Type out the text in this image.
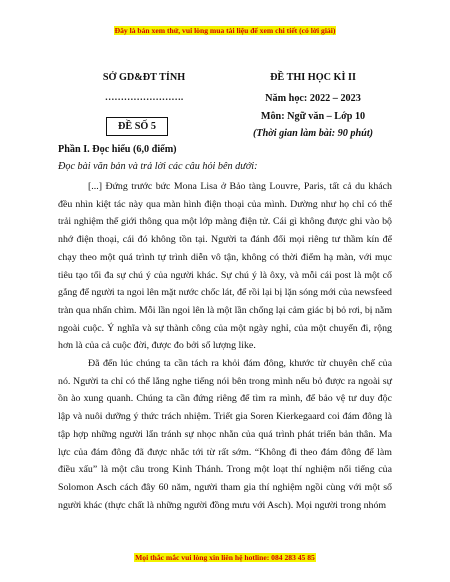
Đây là bản xem thử, vui lòng mua tài liệu để xem chi tiết (có lời giải)
SỞ GD&ĐT TỈNH
…………………….
ĐỀ SỐ 5
ĐỀ THI HỌC KÌ II
Năm học: 2022 – 2023
Môn: Ngữ văn – Lớp 10
(Thời gian làm bài: 90 phút)
Phần I. Đọc hiểu (6,0 điểm)
Đọc bài văn bản và trả lời các câu hỏi bên dưới:

[...] Đứng trước bức Mona Lisa ở Bảo tàng Louvre, Paris, tất cả du khách đều nhìn kiệt tác này qua màn hình điện thoại của mình. Dường như họ chỉ có thể trải nghiệm thế giới thông qua một lớp màng điện tử. Cái gì không được ghi vào bộ nhớ điện thoại, cái đó không tồn tại. Người ta đánh đổi mọi riêng tư thầm kín để chạy theo một quá trình tự trình diễn vô tận, không có thời điểm hạ màn, với mục tiêu tạo tối đa sự chú ý của người khác. Sự chú ý là ôxy, và mỗi cái post là một cố gắng để người ta ngoi lên mặt nước chốc lát, để rồi lại bị lặn sóng mới của newsfeed tràn qua nhấn chìm. Mỗi lần ngoi lên là một lần chống lại cảm giác bị bỏ rơi, bị nằm ngoài cuộc. Ý nghĩa và sự thành công của một ngày nghỉ, của một chuyến đi, rộng hơn là của cả cuộc đời, được đo bởi số lượng like.

Đã đến lúc chúng ta cần tách ra khỏi đám đông, khước từ chuyên chế của nó. Người ta chỉ có thể lắng nghe tiếng nói bên trong mình nếu bỏ được ra ngoài sự ồn ào xung quanh. Chúng ta cần đứng riêng để tìm ra mình, để bảo vệ tư duy độc lập và nuôi dưỡng ý thức trách nhiệm. Triết gia Soren Kierkegaard coi đám đông là tập hợp những người lẩn tránh sự nhọc nhằn của quá trình phát triển bản thân. Ma lực của đám đông đã được nhắc tới từ rất sớm. “Không đi theo đám đông để làm điều xấu” là một câu trong Kinh Thánh. Trong một loạt thí nghiệm nổi tiếng của Solomon Asch cách đây 60 năm, người tham gia thí nghiệm ngồi cùng với một số người khác (thực chất là những người đồng mưu với Asch). Mọi người trong nhóm

Mọi thắc mắc vui lòng xin liên hệ hotline: 084 283 45 85
